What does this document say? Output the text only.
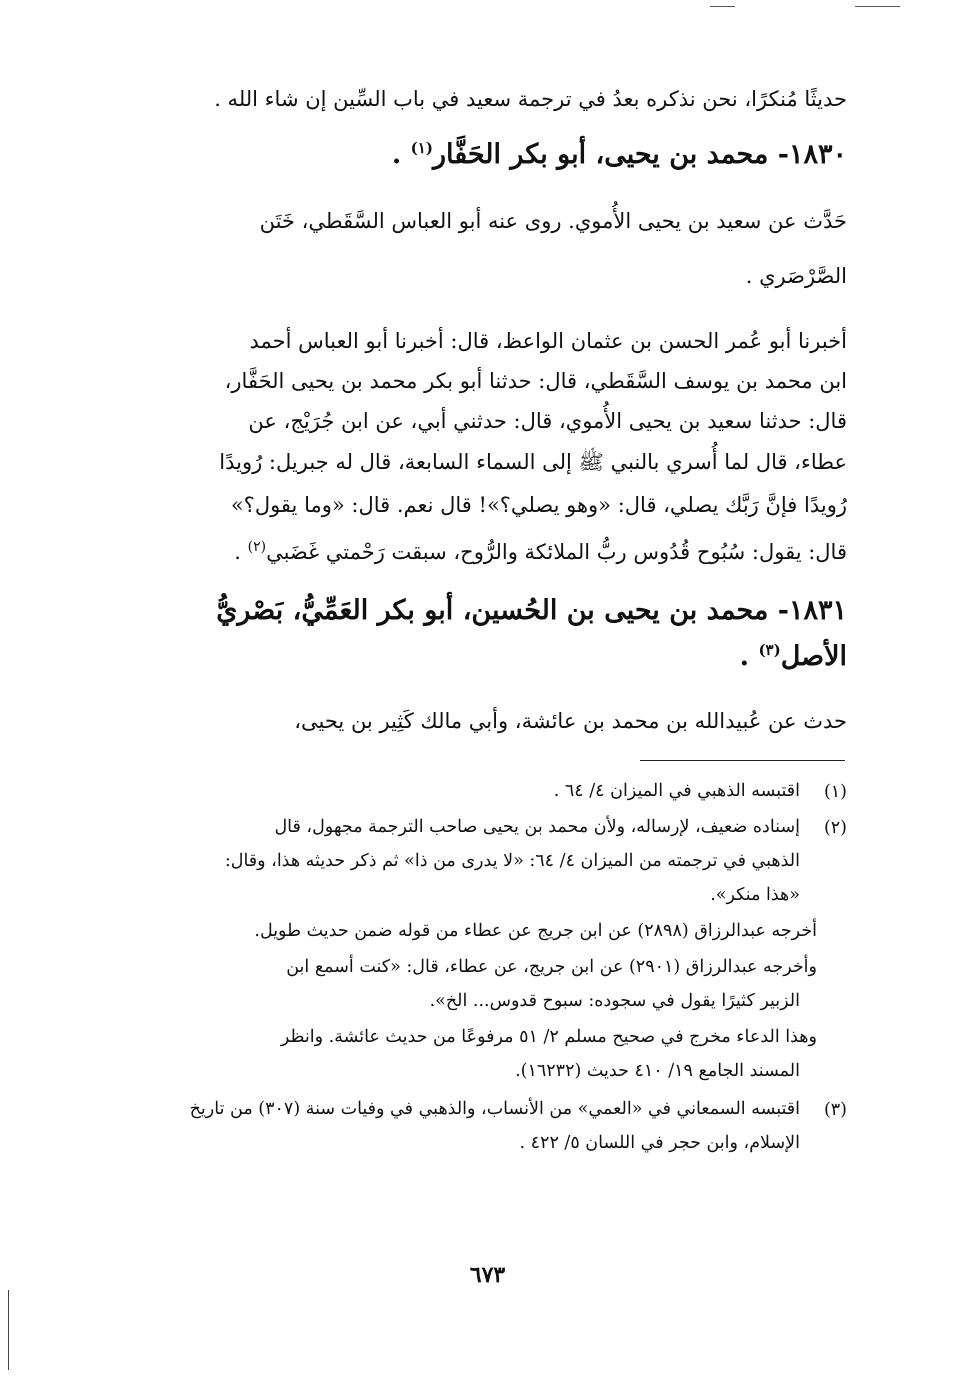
حديثًا مُنكرًا، نحن نذكره بعدُ في ترجمة سعيد في باب السِّين إن شاء الله .
١٨٣٠- محمد بن يحيى، أبو بكر الحَفَّار$^{(١)}$ .
حَدَّث عن سعيد بن يحيى الأُموي. روى عنه أبو العباس السَّقَطي، خَتَن
الصَّرْصَري .
أخبرنا أبو عُمر الحسن بن عثمان الواعظ، قال: أخبرنا أبو العباس أحمد
ابن محمد بن يوسف السَّقَطي، قال: حدثنا أبو بكر محمد بن يحيى الحَفَّار،
قال: حدثنا سعيد بن يحيى الأُموي، قال: حدثني أبي، عن ابن جُرَيْج، عن
عطاء، قال لما أُسري بالنبي ﷺ إلى السماء السابعة، قال له جبريل: رُويدًا
رُويدًا فإنَّ رَبَّك يصلي، قال: «وهو يصلي؟»! قال نعم. قال: «وما يقول؟»
قال: يقول: سُبُوح قُدُوس ربُّ الملائكة والرُّوح، سبقت رَحْمتي غَضَبي$^{(٢)}$ .
١٨٣١- محمد بن يحيى بن الحُسين، أبو بكر العَمِّيُّ، بَصْريُّ
الأصل$^{(٣)}$ .
حدث عن عُبيدالله بن محمد بن عائشة، وأبي مالك كَثِير بن يحيى،
(١)
اقتبسه الذهبي في الميزان ٤/ ٦٤ .
(٢)
إسناده ضعيف، لإرساله، ولأن محمد بن يحيى صاحب الترجمة مجهول، قال
الذهبي في ترجمته من الميزان ٤/ ٦٤: «لا يدرى من ذا» ثم ذكر حديثه هذا، وقال:
«هذا منكر».
أخرجه عبدالرزاق (٢٨٩٨) عن ابن جريج عن عطاء من قوله ضمن حديث طويل.
وأخرجه عبدالرزاق (٢٩٠١) عن ابن جريج، عن عطاء، قال: «كنت أسمع ابن
الزبير كثيرًا يقول في سجوده: سبوح قدوس... الخ».
وهذا الدعاء مخرج في صحيح مسلم ٢/ ٥١ مرفوعًا من حديث عائشة. وانظر
المسند الجامع ١٩/ ٤١٠ حديث (١٦٢٣٢).
(٣)
اقتبسه السمعاني في «العمي» من الأنساب، والذهبي في وفيات سنة (٣٠٧) من تاريخ
الإسلام، وابن حجر في اللسان ٥/ ٤٢٢ .
٦٧٣
